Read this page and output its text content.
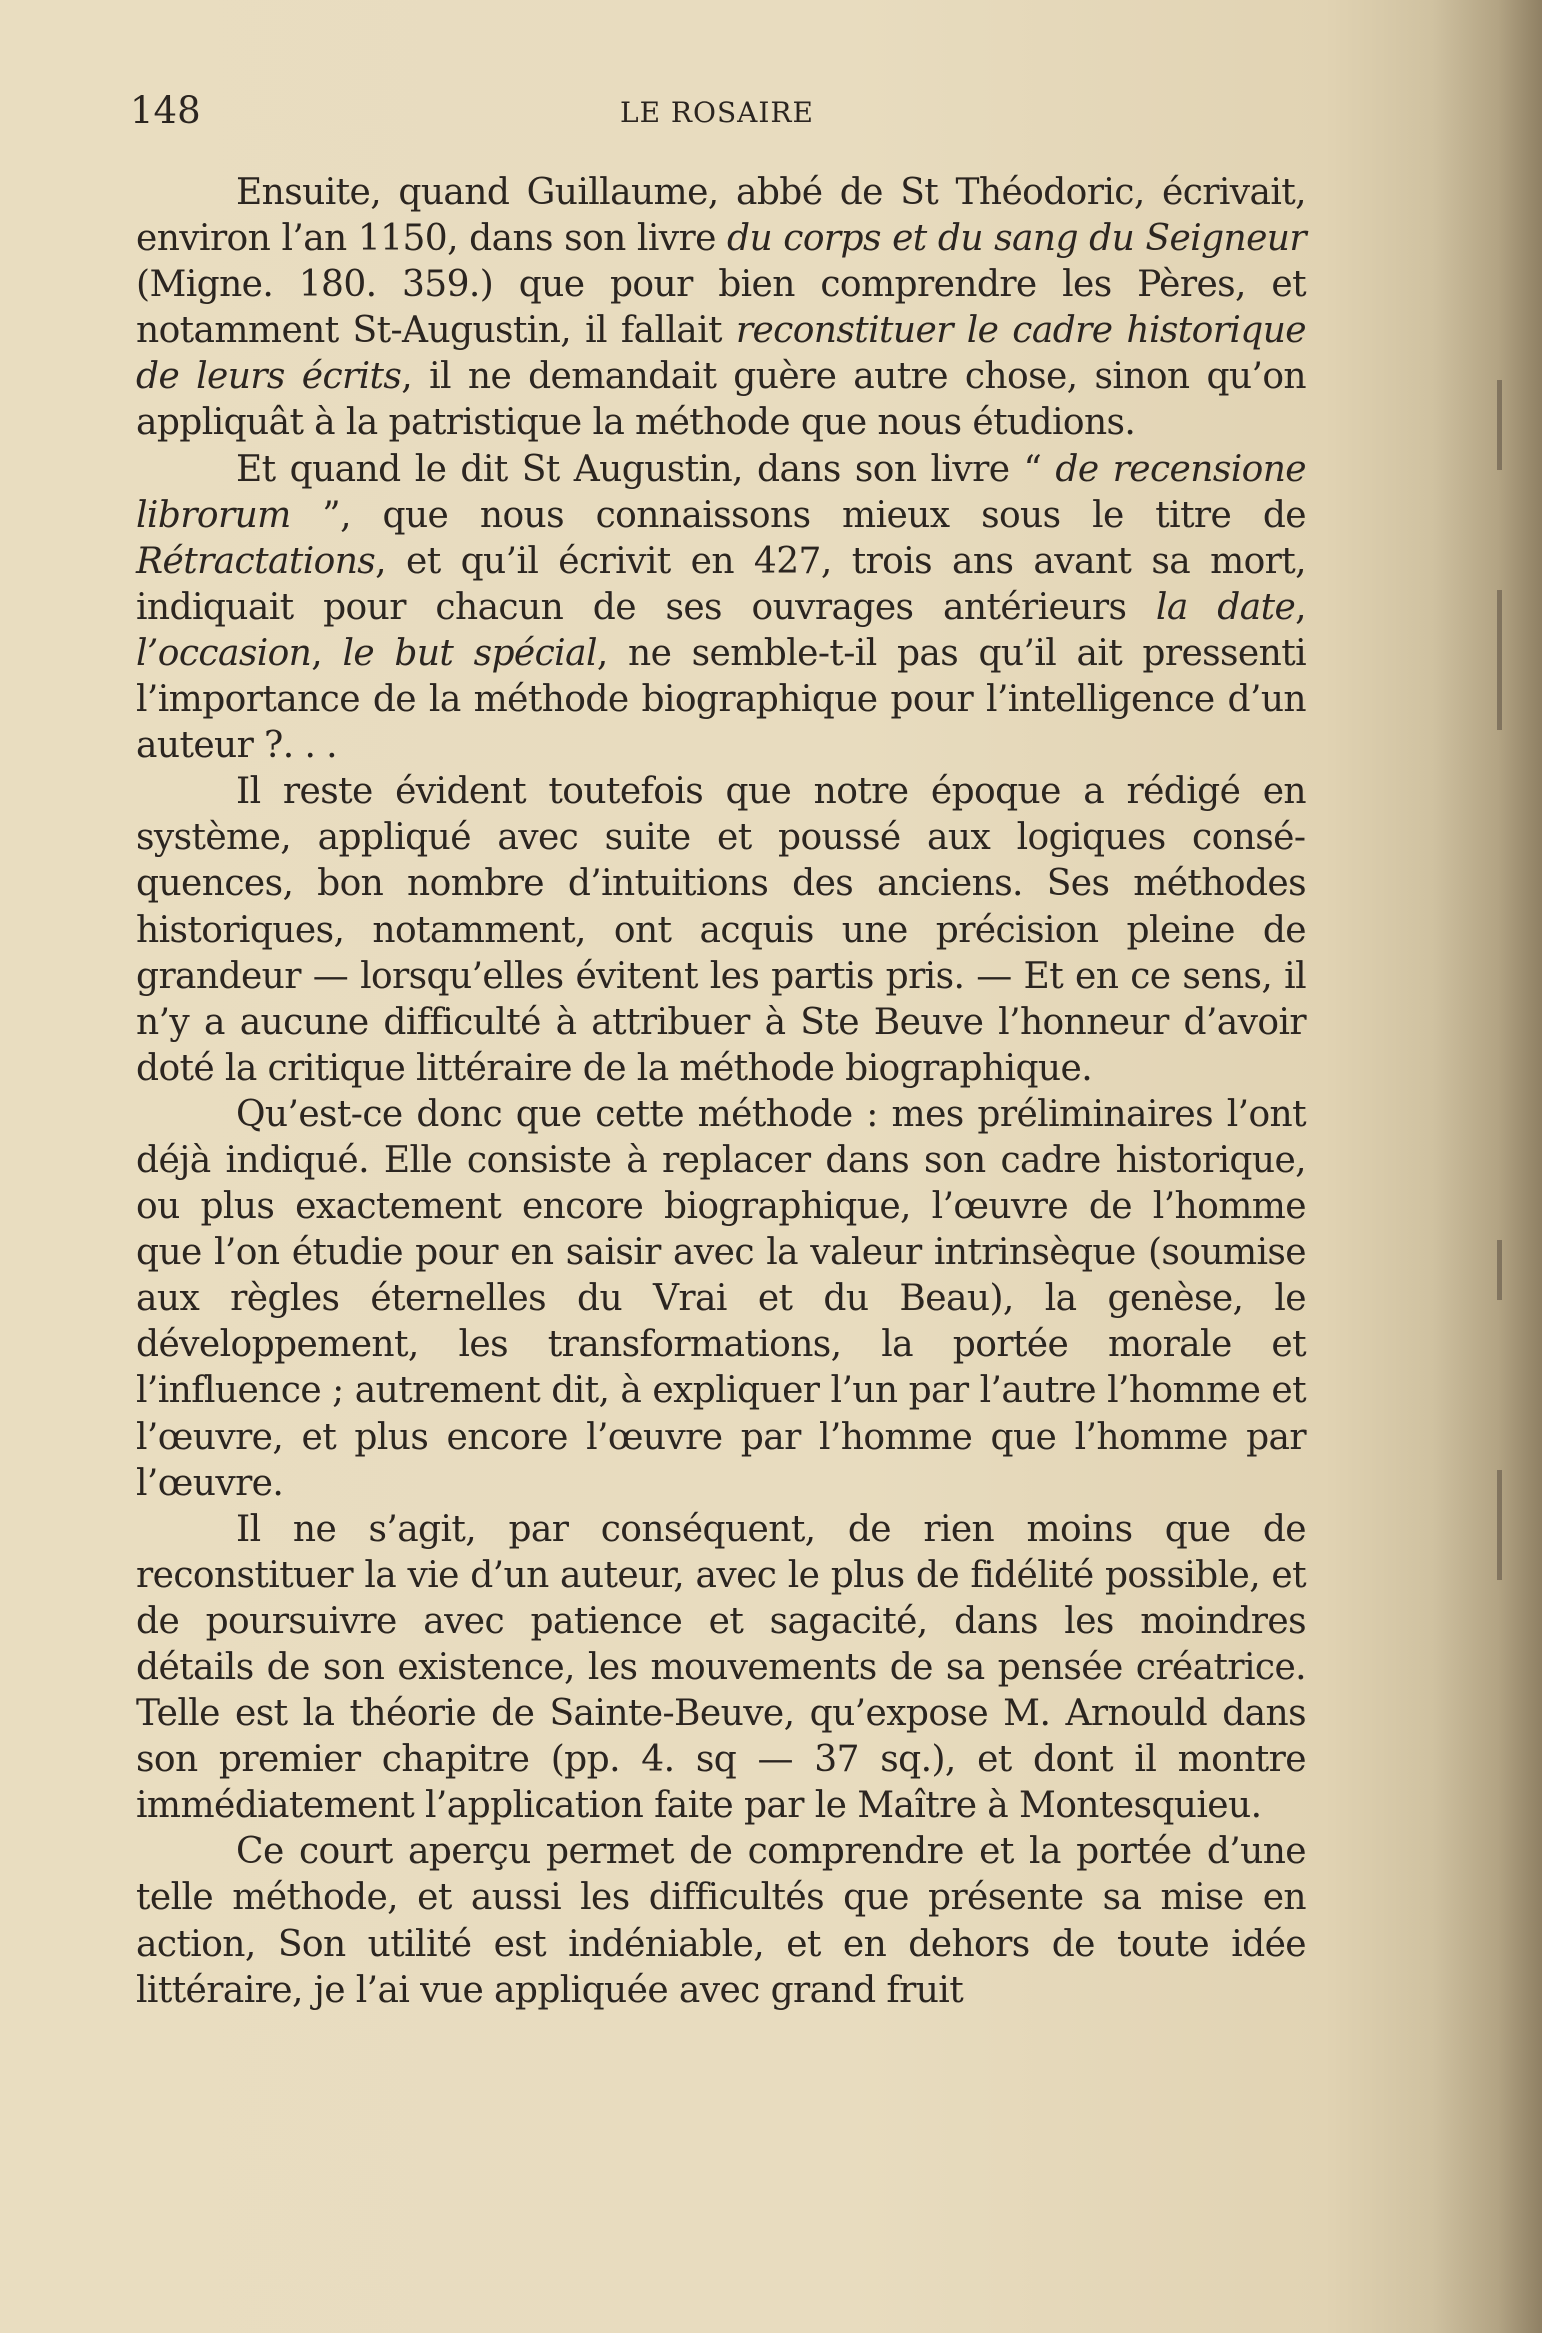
148	LE ROSAIRE

Ensuite, quand Guillaume, abbé de St Théodoric, écrivait, environ l’an 1150, dans son livre du corps et du sang du Seigneur (Migne. 180. 359.) que pour bien comprendre les Pères, et notamment St-Augustin, il fallait reconstituer le cadre historique de leurs écrits, il ne demandait guère autre chose, sinon qu’on appliquât à la patristique la méthode que nous étudions.

Et quand le dit St Augustin, dans son livre “ de recensione librorum ”, que nous connaissons mieux sous le titre de Rétractations, et qu’il écrivit en 427, trois ans avant sa mort, indiquait pour chacun de ses ouvrages antérieurs la date, l’occasion, le but spécial, ne semble-t-il pas qu’il ait pressenti l’importance de la méthode biographique pour l’intelligence d’un auteur ?. . .

Il reste évident toutefois que notre époque a rédigé en système, appliqué avec suite et poussé aux logiques conséquences, bon nombre d’intuitions des anciens. Ses méthodes historiques, notamment, ont acquis une précision pleine de grandeur — lorsqu’elles évitent les partis pris. — Et en ce sens, il n’y a aucune difficulté à attribuer à Ste Beuve l’honneur d’avoir doté la critique littéraire de la méthode biographique.

Qu’est-ce donc que cette méthode : mes préliminaires l’ont déjà indiqué. Elle consiste à replacer dans son cadre historique, ou plus exactement encore biographique, l’œuvre de l’homme que l’on étudie pour en saisir avec la valeur intrinsèque (soumise aux règles éternelles du Vrai et du Beau), la genèse, le développement, les transformations, la portée morale et l’influence ; autrement dit, à expliquer l’un par l’autre l’homme et l’œuvre, et plus encore l’œuvre par l’homme que l’homme par l’œuvre.

Il ne s’agit, par conséquent, de rien moins que de reconstituer la vie d’un auteur, avec le plus de fidélité possible, et de poursuivre avec patience et sagacité, dans les moindres détails de son existence, les mouvements de sa pensée créatrice. Telle est la théorie de Sainte-Beuve, qu’expose M. Arnould dans son premier chapitre (pp. 4. sq — 37 sq.), et dont il montre immédiatement l’application faite par le Maître à Montesquieu.

Ce court aperçu permet de comprendre et la portée d’une telle méthode, et aussi les difficultés que présente sa mise en action, Son utilité est indéniable, et en dehors de toute idée littéraire, je l’ai vue appliquée avec grand fruit
